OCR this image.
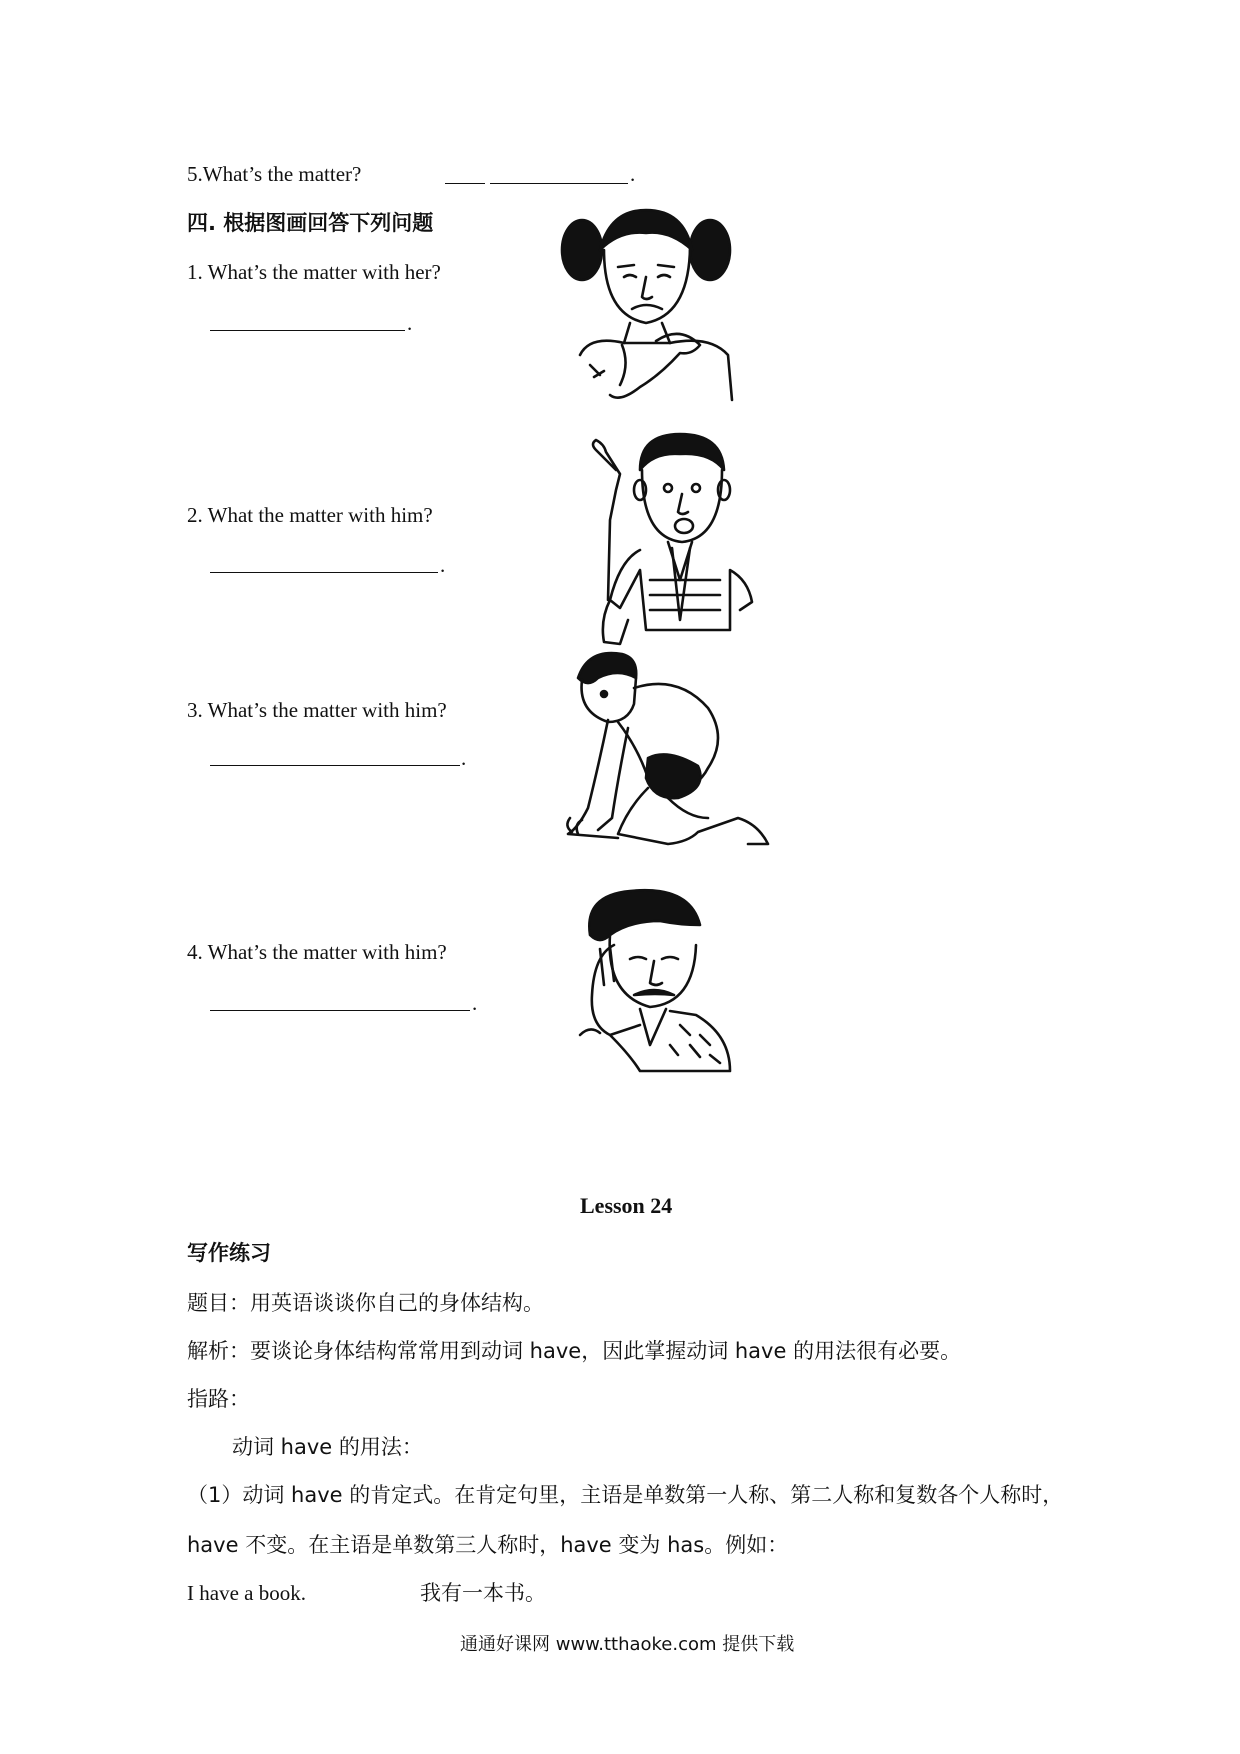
5.What’s the matter?	.
四. 根据图画回答下列问题
1. What’s the matter with her?
.
2. What the matter with him?
.
3. What’s the matter with him?
.
4. What’s the matter with him?
.
Lesson 24
写作练习
题目：用英语谈谈你自己的身体结构。
解析：要谈论身体结构常常用到动词 have，因此掌握动词 have 的用法很有必要。
指路：
动词 have 的用法：
（1）动词 have 的肯定式。在肯定句里，主语是单数第一人称、第二人称和复数各个人称时，
have 不变。在主语是单数第三人称时，have 变为 has。例如：
I have a book.	我有一本书。
通通好课网 www.tthaoke.com 提供下载
